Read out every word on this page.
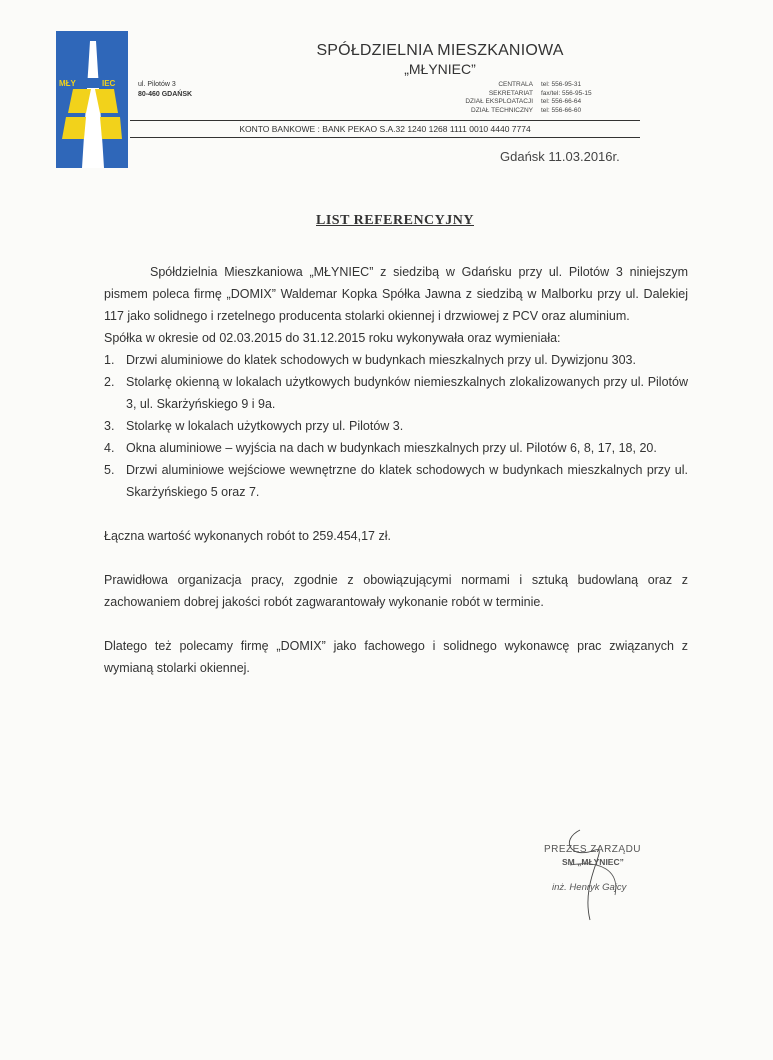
MŁY	IEC	ul. Pilotów 3
80-460 GDAŃSK
SPÓŁDZIELNIA MIESZKANIOWA
„MŁYNIEC”
CENTRALA	tel: 556-95-31
SEKRETARIAT	fax/tel: 556-95-15
DZIAŁ EKSPLOATACJI	tel: 556-66-64
DZIAŁ TECHNICZNY	tel: 556-66-60
KONTO BANKOWE : BANK PEKAO S.A.32 1240 1268 1111 0010 4440 7774
Gdańsk 11.03.2016r.
LIST REFERENCYJNY

Spółdzielnia Mieszkaniowa „MŁYNIEC” z siedzibą w Gdańsku przy ul. Pilotów 3 niniejszym pismem poleca firmę „DOMIX” Waldemar Kopka Spółka Jawna z siedzibą w Malborku przy ul. Dalekiej 117 jako solidnego i rzetelnego producenta stolarki okiennej i drzwiowej z PCV oraz aluminium.

Spółka w okresie od 02.03.2015 do 31.12.2015 roku wykonywała oraz wymieniała:

1. Drzwi aluminiowe do klatek schodowych w budynkach mieszkalnych przy ul. Dywizjonu 303.
2. Stolarkę okienną w lokalach użytkowych budynków niemieszkalnych zlokalizowanych przy ul. Pilotów 3, ul. Skarżyńskiego 9 i 9a.
3. Stolarkę w lokalach użytkowych przy ul. Pilotów 3.
4. Okna aluminiowe – wyjścia na dach w budynkach mieszkalnych przy ul. Pilotów 6, 8, 17, 18, 20.
5. Drzwi aluminiowe wejściowe wewnętrzne do klatek schodowych w budynkach mieszkalnych przy ul. Skarżyńskiego 5 oraz 7.

Łączna wartość wykonanych robót to 259.454,17 zł.

Prawidłowa organizacja pracy, zgodnie z obowiązującymi normami i sztuką budowlaną oraz z zachowaniem dobrej jakości robót zagwarantowały wykonanie robót w terminie.

Dlatego też polecamy firmę „DOMIX” jako fachowego i solidnego wykonawcę prac związanych z wymianą stolarki okiennej.

PREZES ZARZĄDU
SM „MŁYNIEC”
inż. Henryk Gajcy
